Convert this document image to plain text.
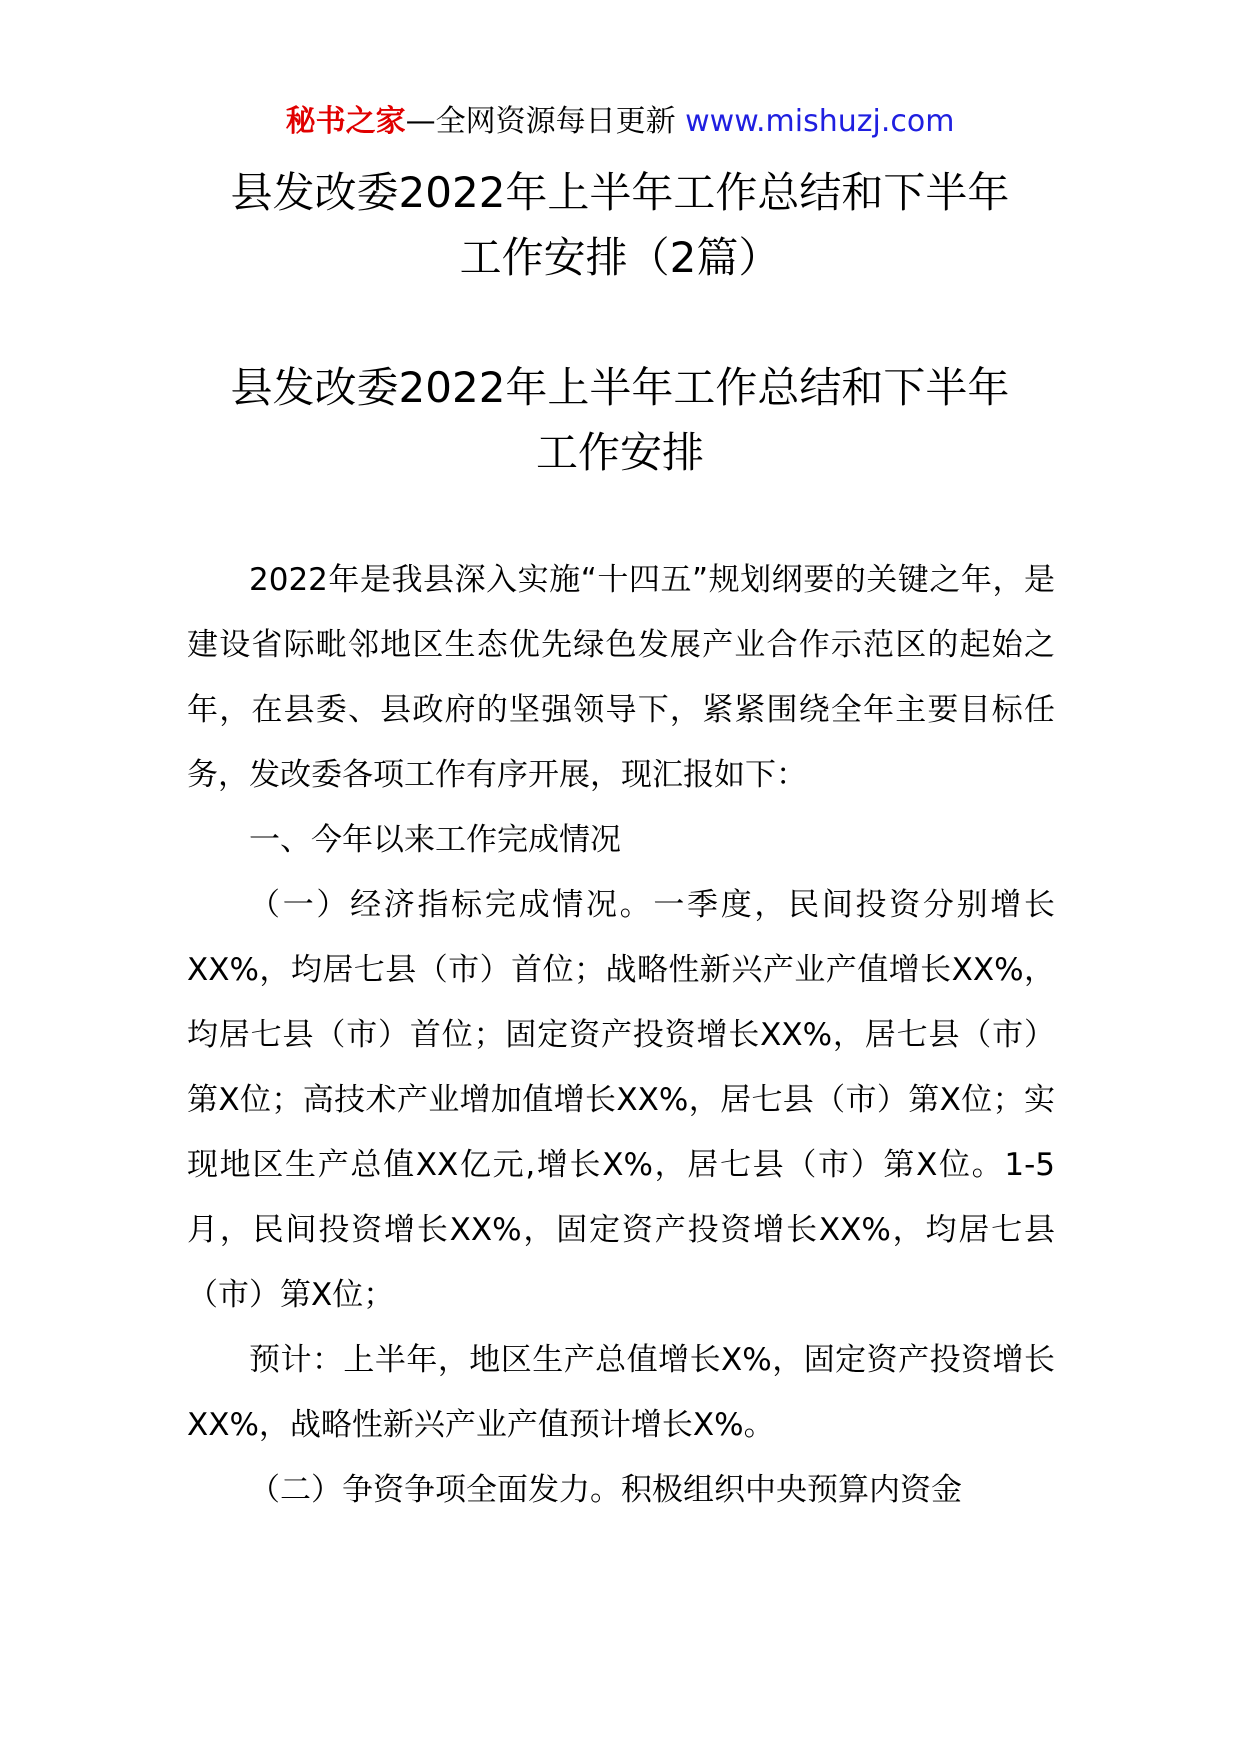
秘书之家—全网资源每日更新 www.mishuzj.com
县发改委2022年上半年工作总结和下半年
工作安排（2篇）
县发改委2022年上半年工作总结和下半年
工作安排

2022年是我县深入实施“十四五”规划纲要的关键之年，是建设省际毗邻地区生态优先绿色发展产业合作示范区的起始之年，在县委、县政府的坚强领导下，紧紧围绕全年主要目标任务，发改委各项工作有序开展，现汇报如下：

一、今年以来工作完成情况

（一）经济指标完成情况。一季度，民间投资分别增长XX%，均居七县（市）首位；战略性新兴产业产值增长XX%，均居七县（市）首位；固定资产投资增长XX%，居七县（市）第X位；高技术产业增加值增长XX%，居七县（市）第X位；实现地区生产总值XX亿元,增长X%，居七县（市）第X位。1-5月，民间投资增长XX%，固定资产投资增长XX%，均居七县（市）第X位；

预计：上半年，地区生产总值增长X%，固定资产投资增长XX%，战略性新兴产业产值预计增长X%。

（二）争资争项全面发力。积极组织中央预算内资金
